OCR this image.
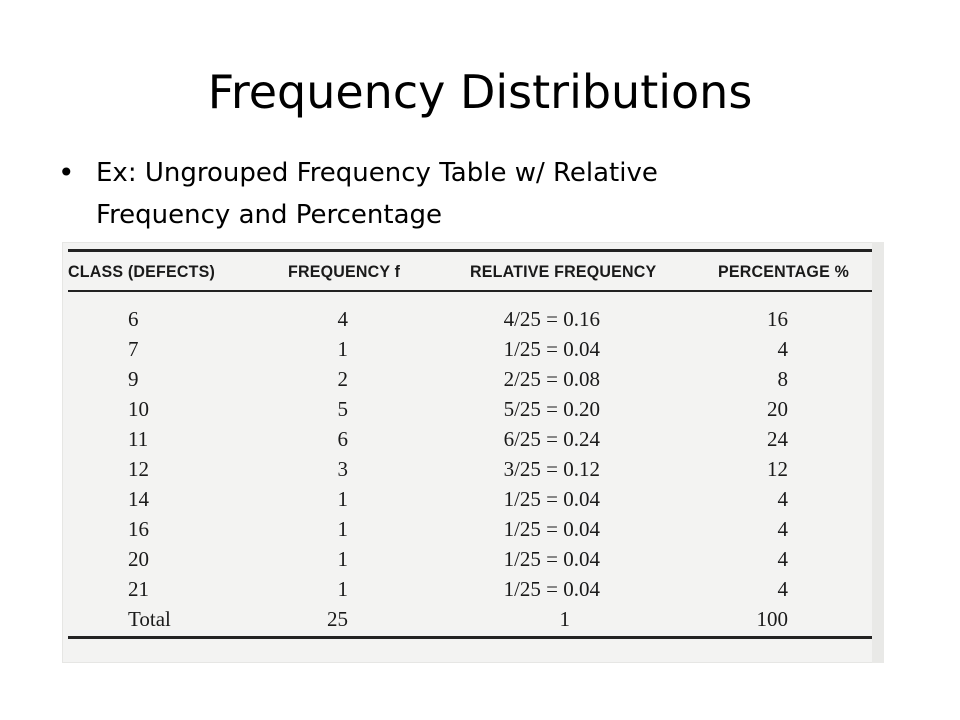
Frequency Distributions
• Ex: Ungrouped Frequency Table w/ Relative
Frequency and Percentage
CLASS (DEFECTS)	FREQUENCY f	RELATIVE FREQUENCY	PERCENTAGE %
6	4	4/25 = 0.16	16
7	1	1/25 = 0.04	4
9	2	2/25 = 0.08	8
10	5	5/25 = 0.20	20
11	6	6/25 = 0.24	24
12	3	3/25 = 0.12	12
14	1	1/25 = 0.04	4
16	1	1/25 = 0.04	4
20	1	1/25 = 0.04	4
21	1	1/25 = 0.04	4
Total	25	1	100
